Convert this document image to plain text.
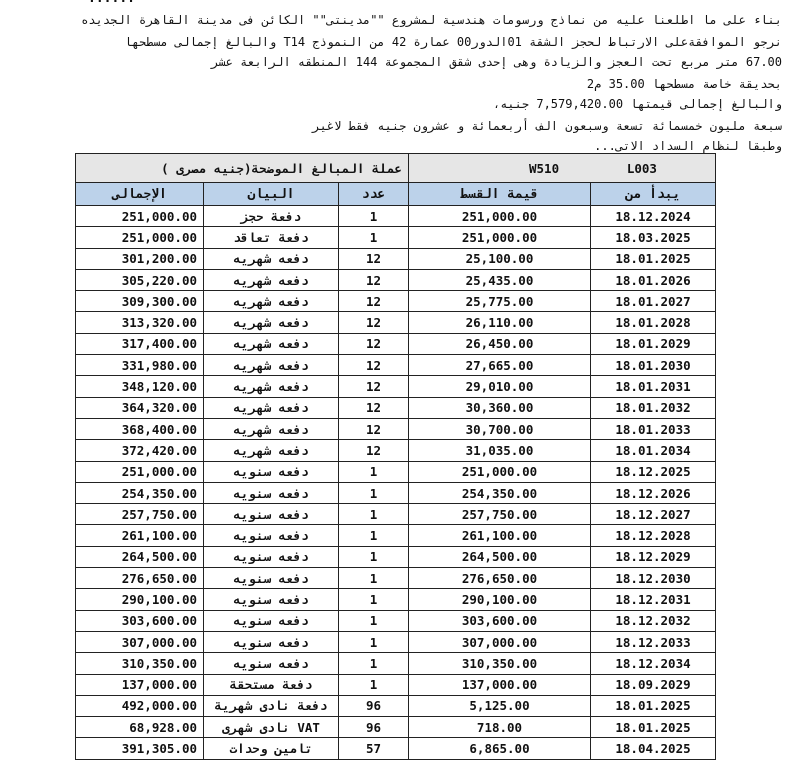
بناء على ما اطلعنا عليه من نماذج ورسومات هندسية لمشروع ""مدينتى"" الكائن فى مدينة القاهرة الجديده
نرجو الموافقةعلى الارتباط لحجز الشقة 01الدور00 عمارة 42 من النموذج T14 والبالغ إجمالى مسطحها
67.00 متر مربع تحت العجز والزيادة وهى إحدى شقق المجموعة 144 المنطقه الرابعة عشر
بحديقة خاصة مسطحها 35.00 م2
والبالغ إجمالى قيمتها 7,579,420.00 جنيه،
سبعة مليون خمسمائة تسعة وسبعون الف أربعمائة و عشرون جنيه فقط لاغير
وطبقا لنظام السداد الاتى...
عملة المبالغ الموضحة(جنيه مصرى )			W510 L003	
الإجمالى	البيان	عدد	قيمة القسط	يبدأ من
251,000.00	دفعة حجز	1	251,000.00	18.12.2024
251,000.00	دفعة تعاقد	1	251,000.00	18.03.2025
301,200.00	دفعه شهريه	12	25,100.00	18.01.2025
305,220.00	دفعه شهريه	12	25,435.00	18.01.2026
309,300.00	دفعه شهريه	12	25,775.00	18.01.2027
313,320.00	دفعه شهريه	12	26,110.00	18.01.2028
317,400.00	دفعه شهريه	12	26,450.00	18.01.2029
331,980.00	دفعه شهريه	12	27,665.00	18.01.2030
348,120.00	دفعه شهريه	12	29,010.00	18.01.2031
364,320.00	دفعه شهريه	12	30,360.00	18.01.2032
368,400.00	دفعه شهريه	12	30,700.00	18.01.2033
372,420.00	دفعه شهريه	12	31,035.00	18.01.2034
251,000.00	دفعه سنويه	1	251,000.00	18.12.2025
254,350.00	دفعه سنويه	1	254,350.00	18.12.2026
257,750.00	دفعه سنويه	1	257,750.00	18.12.2027
261,100.00	دفعه سنويه	1	261,100.00	18.12.2028
264,500.00	دفعه سنويه	1	264,500.00	18.12.2029
276,650.00	دفعه سنويه	1	276,650.00	18.12.2030
290,100.00	دفعه سنويه	1	290,100.00	18.12.2031
303,600.00	دفعه سنويه	1	303,600.00	18.12.2032
307,000.00	دفعه سنويه	1	307,000.00	18.12.2033
310,350.00	دفعه سنويه	1	310,350.00	18.12.2034
137,000.00	دفعة مستحقة	1	137,000.00	18.09.2029
492,000.00	دفعة نادى شهرية	96	5,125.00	18.01.2025
68,928.00	VAT نادى شهرى	96	718.00	18.01.2025
391,305.00	تامين وحدات	57	6,865.00	18.04.2025
